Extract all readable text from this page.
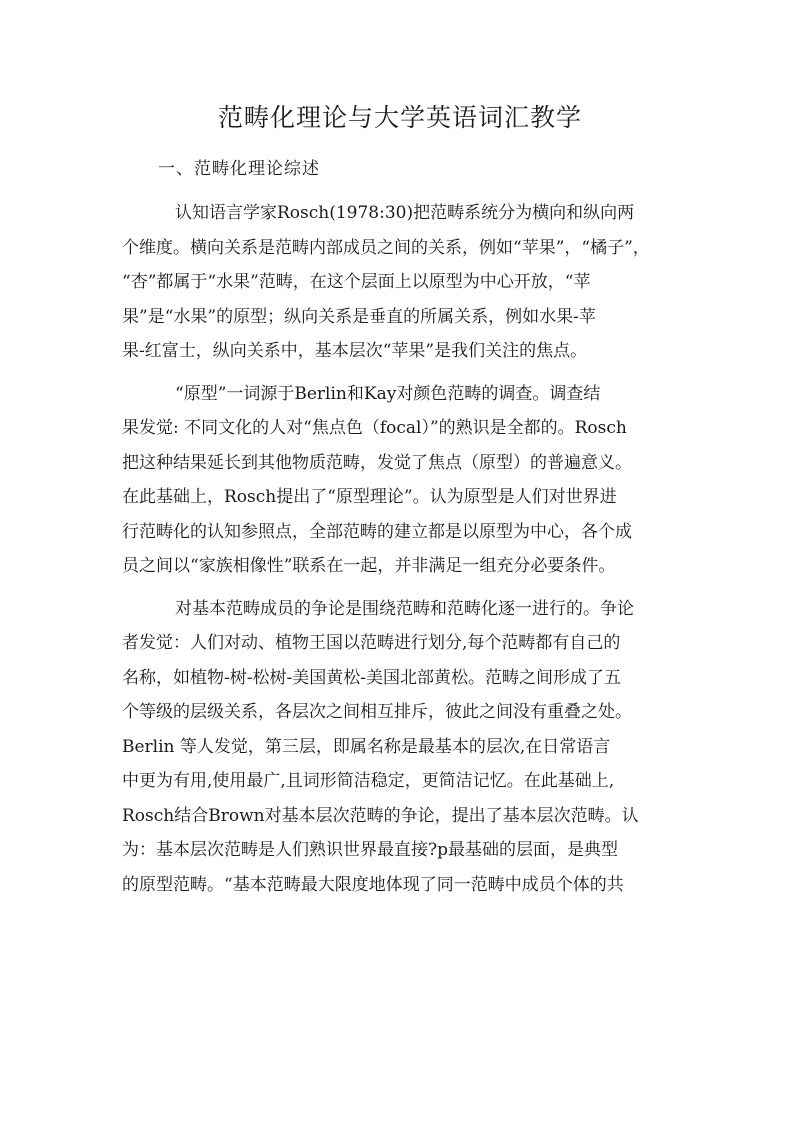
范畴化理论与大学英语词汇教学
一、范畴化理论综述

认知语言学家Rosch(1978:30)把范畴系统分为横向和纵向两
个维度。横向关系是范畴内部成员之间的关系，例如“苹果”，“橘子”，
“杏”都属于“水果”范畴，在这个层面上以原型为中心开放，“苹
果”是“水果”的原型；纵向关系是垂直的所属关系，例如水果-苹
果-红富士，纵向关系中，基本层次“苹果”是我们关注的焦点。

“原型”一词源于Berlin和Kay对颜色范畴的调查。调查结
果发觉: 不同文化的人对“焦点色（focal）”的熟识是全都的。Rosch
把这种结果延长到其他物质范畴，发觉了焦点（原型）的普遍意义。
在此基础上，Rosch提出了“原型理论”。认为原型是人们对世界进
行范畴化的认知参照点，全部范畴的建立都是以原型为中心，各个成
员之间以“家族相像性”联系在一起，并非满足一组充分必要条件。

对基本范畴成员的争论是围绕范畴和范畴化逐一进行的。争论
者发觉：人们对动、植物王国以范畴进行划分,每个范畴都有自己的
名称，如植物-树-松树-美国黄松-美国北部黄松。范畴之间形成了五
个等级的层级关系，各层次之间相互排斥，彼此之间没有重叠之处。
Berlin 等人发觉，第三层，即属名称是最基本的层次,在日常语言
中更为有用,使用最广,且词形简洁稳定，更简洁记忆。在此基础上,
Rosch结合Brown对基本层次范畴的争论，提出了基本层次范畴。认
为：基本层次范畴是人们熟识世界最直接?p最基础的层面，是典型
的原型范畴。“基本范畴最大限度地体现了同一范畴中成员个体的共
